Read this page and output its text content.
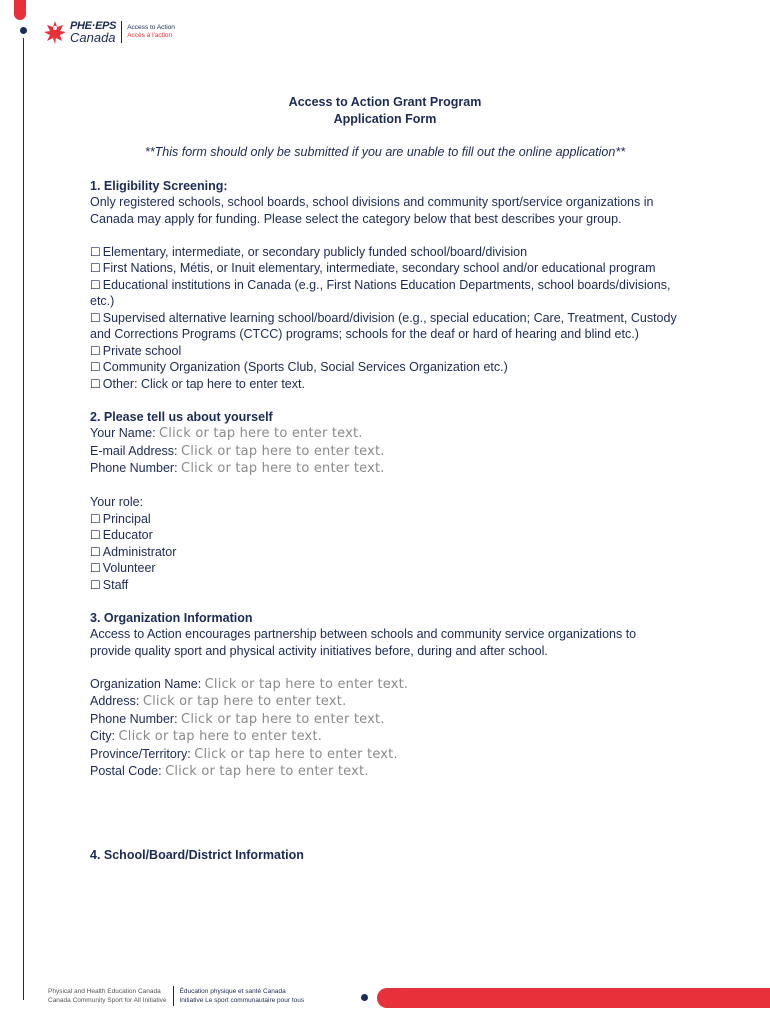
PHE·EPS
Canada
Access to Action
Accès à l'action
Access to Action Grant Program
Application Form
**This form should only be submitted if you are unable to fill out the online application**
1. Eligibility Screening:
Only registered schools, school boards, school divisions and community sport/service organizations in Canada may apply for funding. Please select the category below that best describes your group.
☐ Elementary, intermediate, or secondary publicly funded school/board/division
☐ First Nations, Métis, or Inuit elementary, intermediate, secondary school and/or educational program
☐ Educational institutions in Canada (e.g., First Nations Education Departments, school boards/divisions, etc.)
☐ Supervised alternative learning school/board/division (e.g., special education; Care, Treatment, Custody and Corrections Programs (CTCC) programs; schools for the deaf or hard of hearing and blind etc.)
☐ Private school
☐ Community Organization (Sports Club, Social Services Organization etc.)
☐ Other: Click or tap here to enter text.
2. Please tell us about yourself
Your Name: Click or tap here to enter text.
E-mail Address: Click or tap here to enter text.
Phone Number: Click or tap here to enter text.
Your role:
☐ Principal
☐ Educator
☐ Administrator
☐ Volunteer
☐ Staff
3. Organization Information
Access to Action encourages partnership between schools and community service organizations to provide quality sport and physical activity initiatives before, during and after school.
Organization Name: Click or tap here to enter text.
Address: Click or tap here to enter text.
Phone Number: Click or tap here to enter text.
City: Click or tap here to enter text.
Province/Territory: Click or tap here to enter text.
Postal Code: Click or tap here to enter text.
4. School/Board/District Information
Physical and Health Education Canada
Canada Community Sport for All Initiative
Éducation physique et santé Canada
Initiative Le sport communautaire pour tous
